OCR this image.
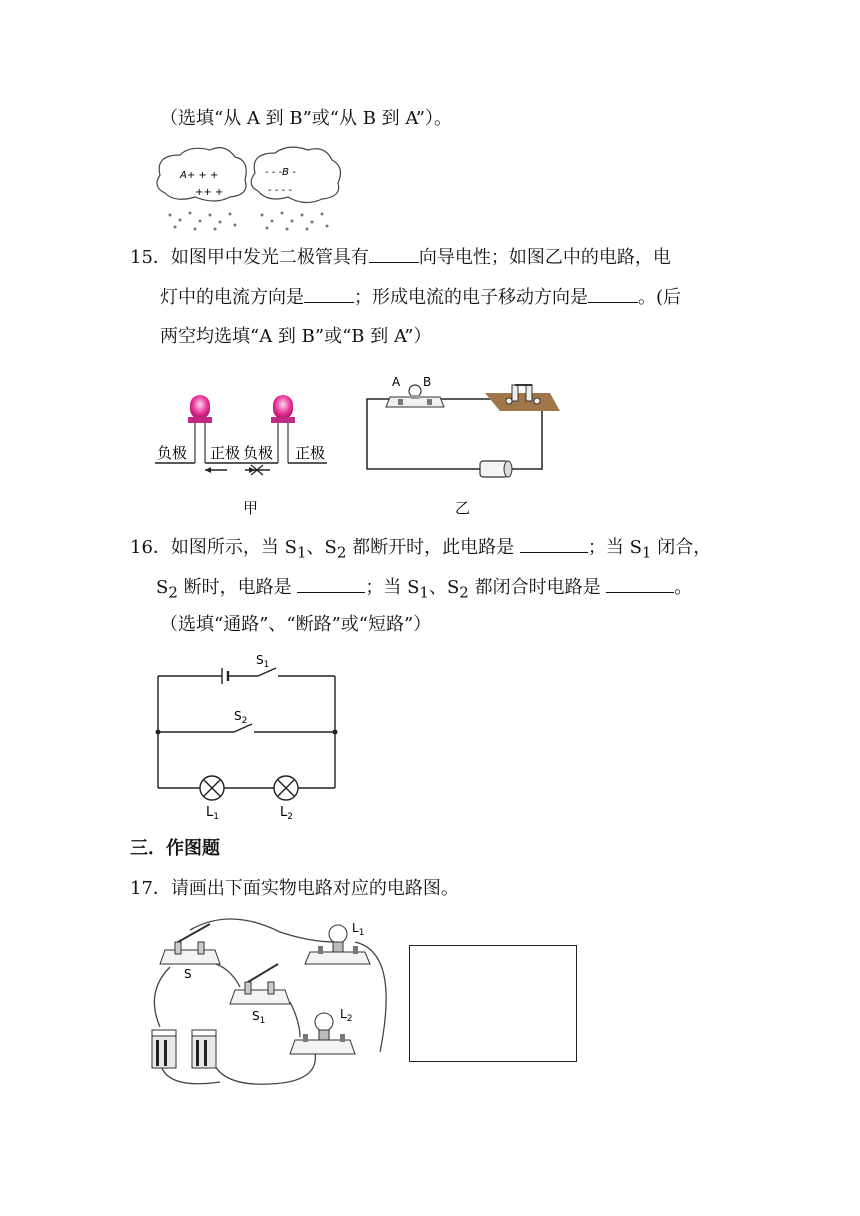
（选填“从 A 到 B”或“从 B 到 A”）。
A+ + +
++ +
- - -B -
- - - -
15．如图甲中发光二极管具有	向导电性；如图乙中的电路，电
灯中的电流方向是	；形成电流的电子移动方向是	。(后
两空均选填“A 到 B”或“B 到 A”）
负极 正极 负极 正极
甲
A B
乙
16．如图所示，当 $S_1$、$S_2$ 都断开时，此电路是	；当 $S_1$ 闭合，
$S_2$ 断时，电路是	；当 $S_1$、$S_2$ 都闭合时电路是	。
（选填“通路”、“断路”或“短路”）
$S_1$
$S_2$
$L_1$	$L_2$
三．作图题
17．请画出下面实物电路对应的电路图。
S
$S_1$
$L_1$
$L_2$
